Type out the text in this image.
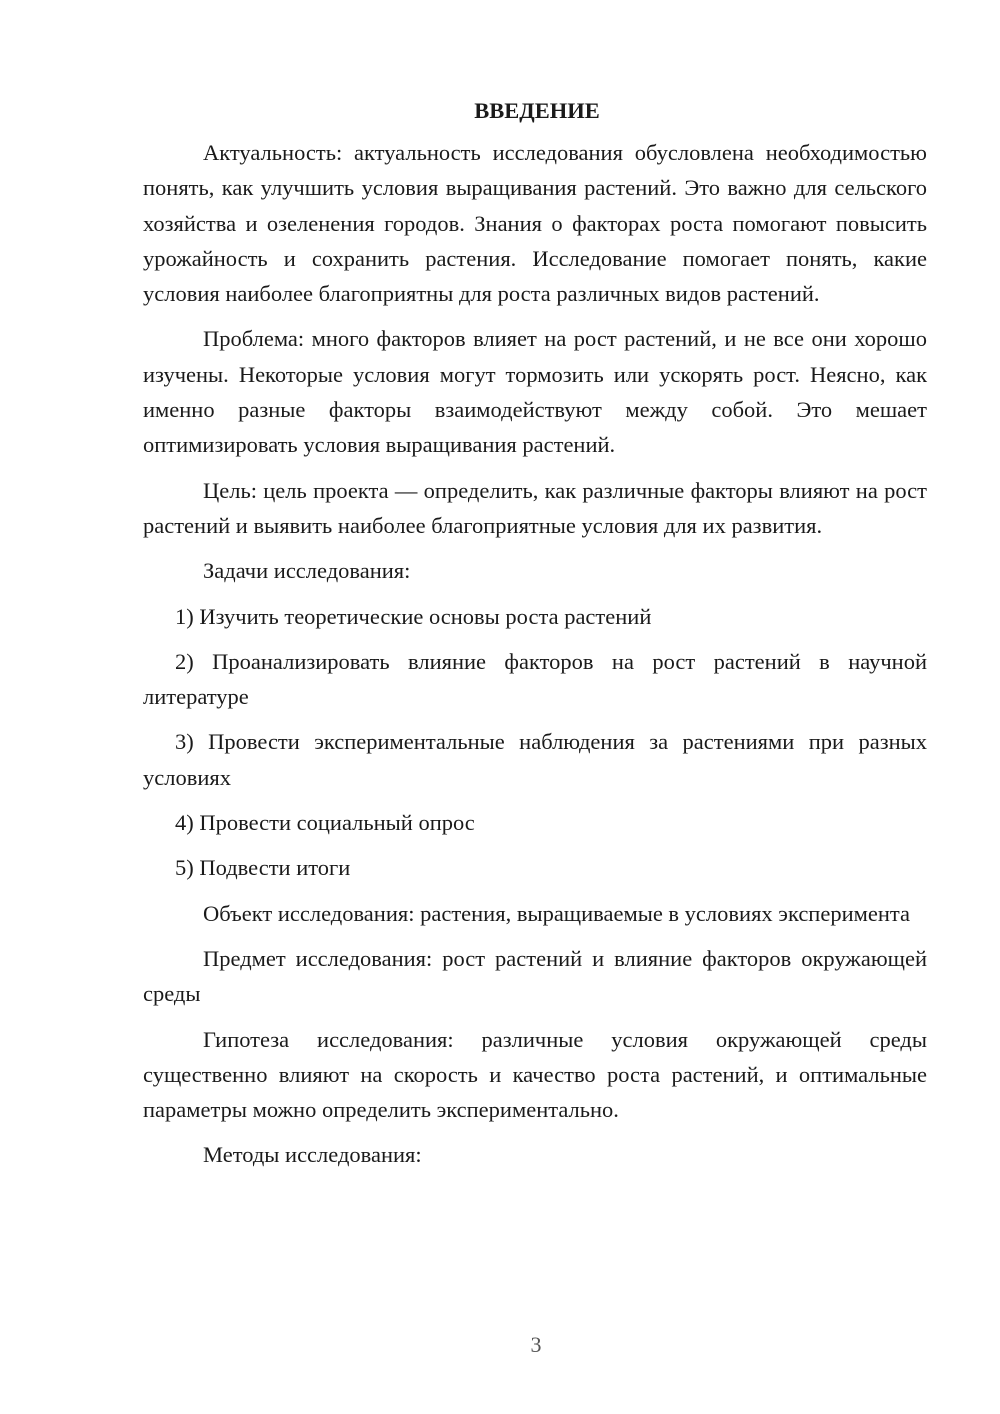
ВВЕДЕНИЕ

Актуальность: актуальность исследования обусловлена необходимостью понять, как улучшить условия выращивания растений. Это важно для сельского хозяйства и озеленения городов. Знания о факторах роста помогают повысить урожайность и сохранить растения. Исследование помогает понять, какие условия наиболее благоприятны для роста различных видов растений.

Проблема: много факторов влияет на рост растений, и не все они хорошо изучены. Некоторые условия могут тормозить или ускорять рост. Неясно, как именно разные факторы взаимодействуют между собой. Это мешает оптимизировать условия выращивания растений.

Цель: цель проекта — определить, как различные факторы влияют на рост растений и выявить наиболее благоприятные условия для их развития.

Задачи исследования:

1) Изучить теоретические основы роста растений

2) Проанализировать влияние факторов на рост растений в научной литературе

3) Провести экспериментальные наблюдения за растениями при разных условиях

4) Провести социальный опрос

5) Подвести итоги

Объект исследования: растения, выращиваемые в условиях эксперимента

Предмет исследования: рост растений и влияние факторов окружающей среды

Гипотеза исследования: различные условия окружающей среды существенно влияют на скорость и качество роста растений, и оптимальные параметры можно определить экспериментально.

Методы исследования:

3
